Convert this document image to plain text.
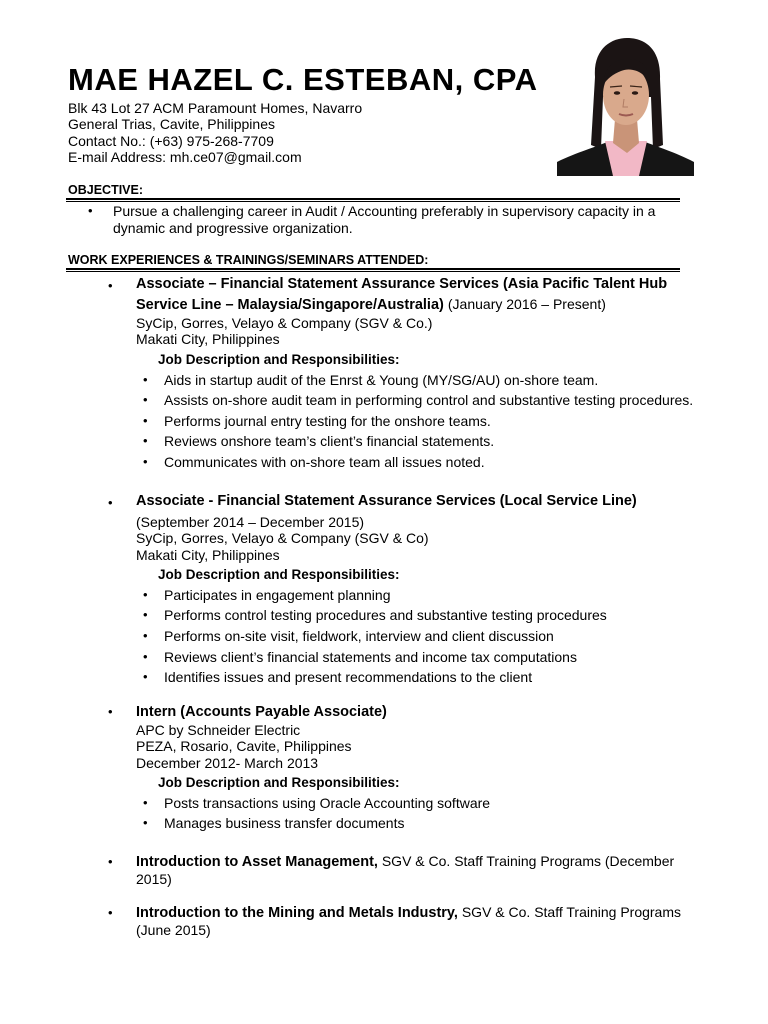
MAE HAZEL C. ESTEBAN, CPA
Blk 43 Lot 27 ACM Paramount Homes, Navarro
General Trias, Cavite, Philippines
Contact No.: (+63) 975-268-7709
E-mail Address: mh.ce07@gmail.com
OBJECTIVE:
• Pursue a challenging career in Audit / Accounting preferably in supervisory capacity in a dynamic and progressive organization.
WORK EXPERIENCES & TRAININGS/SEMINARS ATTENDED:
• Associate – Financial Statement Assurance Services (Asia Pacific Talent Hub Service Line – Malaysia/Singapore/Australia) (January 2016 – Present)
SyCip, Gorres, Velayo & Company (SGV & Co.)
Makati City, Philippines
Job Description and Responsibilities:
• Aids in startup audit of the Enrst & Young (MY/SG/AU) on-shore team.
• Assists on-shore audit team in performing control and substantive testing procedures.
• Performs journal entry testing for the onshore teams.
• Reviews onshore team’s client’s financial statements.
• Communicates with on-shore team all issues noted.
• Associate - Financial Statement Assurance Services (Local Service Line)
(September 2014 – December 2015)
SyCip, Gorres, Velayo & Company (SGV & Co)
Makati City, Philippines
Job Description and Responsibilities:
• Participates in engagement planning
• Performs control testing procedures and substantive testing procedures
• Performs on-site visit, fieldwork, interview and client discussion
• Reviews client’s financial statements and income tax computations
• Identifies issues and present recommendations to the client
• Intern (Accounts Payable Associate)
APC by Schneider Electric
PEZA, Rosario, Cavite, Philippines
December 2012- March 2013
Job Description and Responsibilities:
• Posts transactions using Oracle Accounting software
• Manages business transfer documents
• Introduction to Asset Management, SGV & Co. Staff Training Programs (December 2015)
• Introduction to the Mining and Metals Industry, SGV & Co. Staff Training Programs (June 2015)
